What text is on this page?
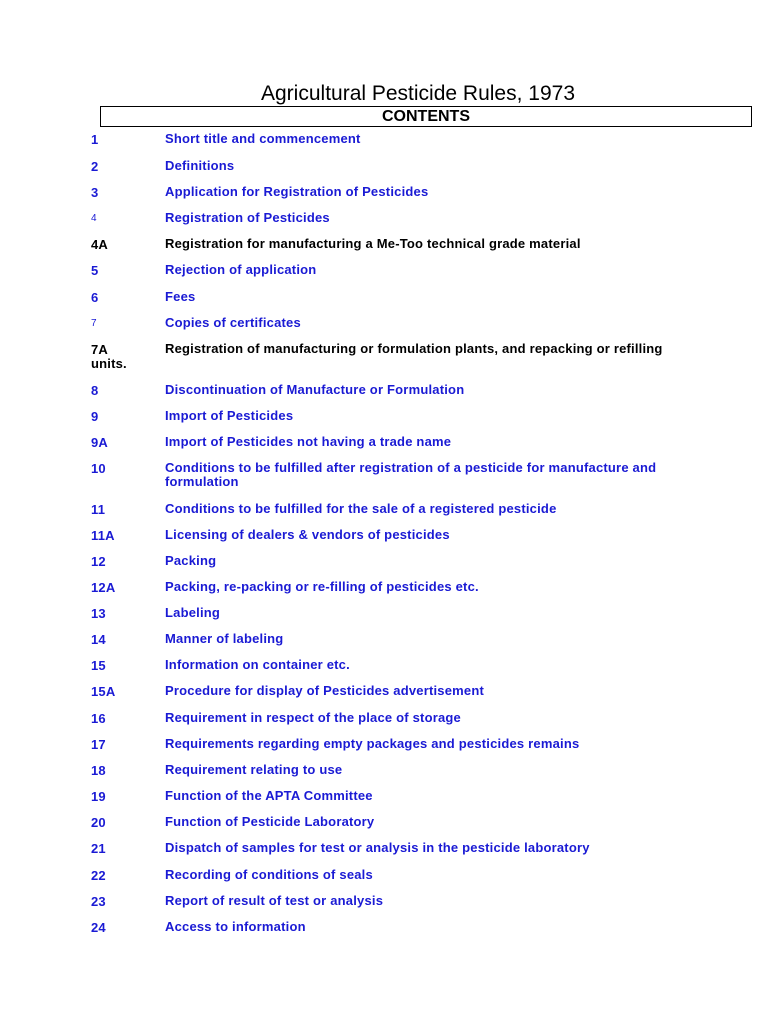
Agricultural Pesticide Rules, 1973
CONTENTS
1	Short title and commencement
2	Definitions
3	Application for Registration of Pesticides
4	Registration of Pesticides
4A	Registration for manufacturing a Me-Too technical grade material
5	Rejection of application
6	Fees
7	Copies of certificates
7A	Registration of manufacturing or formulation plants, and repacking or refilling
units.
8	Discontinuation of Manufacture or Formulation
9	Import of Pesticides
9A	Import of Pesticides not having a trade name
10	Conditions to be fulfilled after registration of a pesticide for manufacture and formulation
11	Conditions to be fulfilled for the sale of a registered pesticide
11A	Licensing of dealers & vendors of pesticides
12	Packing
12A	Packing, re-packing or re-filling of pesticides etc.
13	Labeling
14	Manner of labeling
15	Information on container etc.
15A	Procedure for display of Pesticides advertisement
16	Requirement in respect of the place of storage
17	Requirements regarding empty packages and pesticides remains
18	Requirement relating to use
19	Function of the APTA Committee
20	Function of Pesticide Laboratory
21	Dispatch of samples for test or analysis in the pesticide laboratory
22	Recording of conditions of seals
23	Report of result of test or analysis
24	Access to information
